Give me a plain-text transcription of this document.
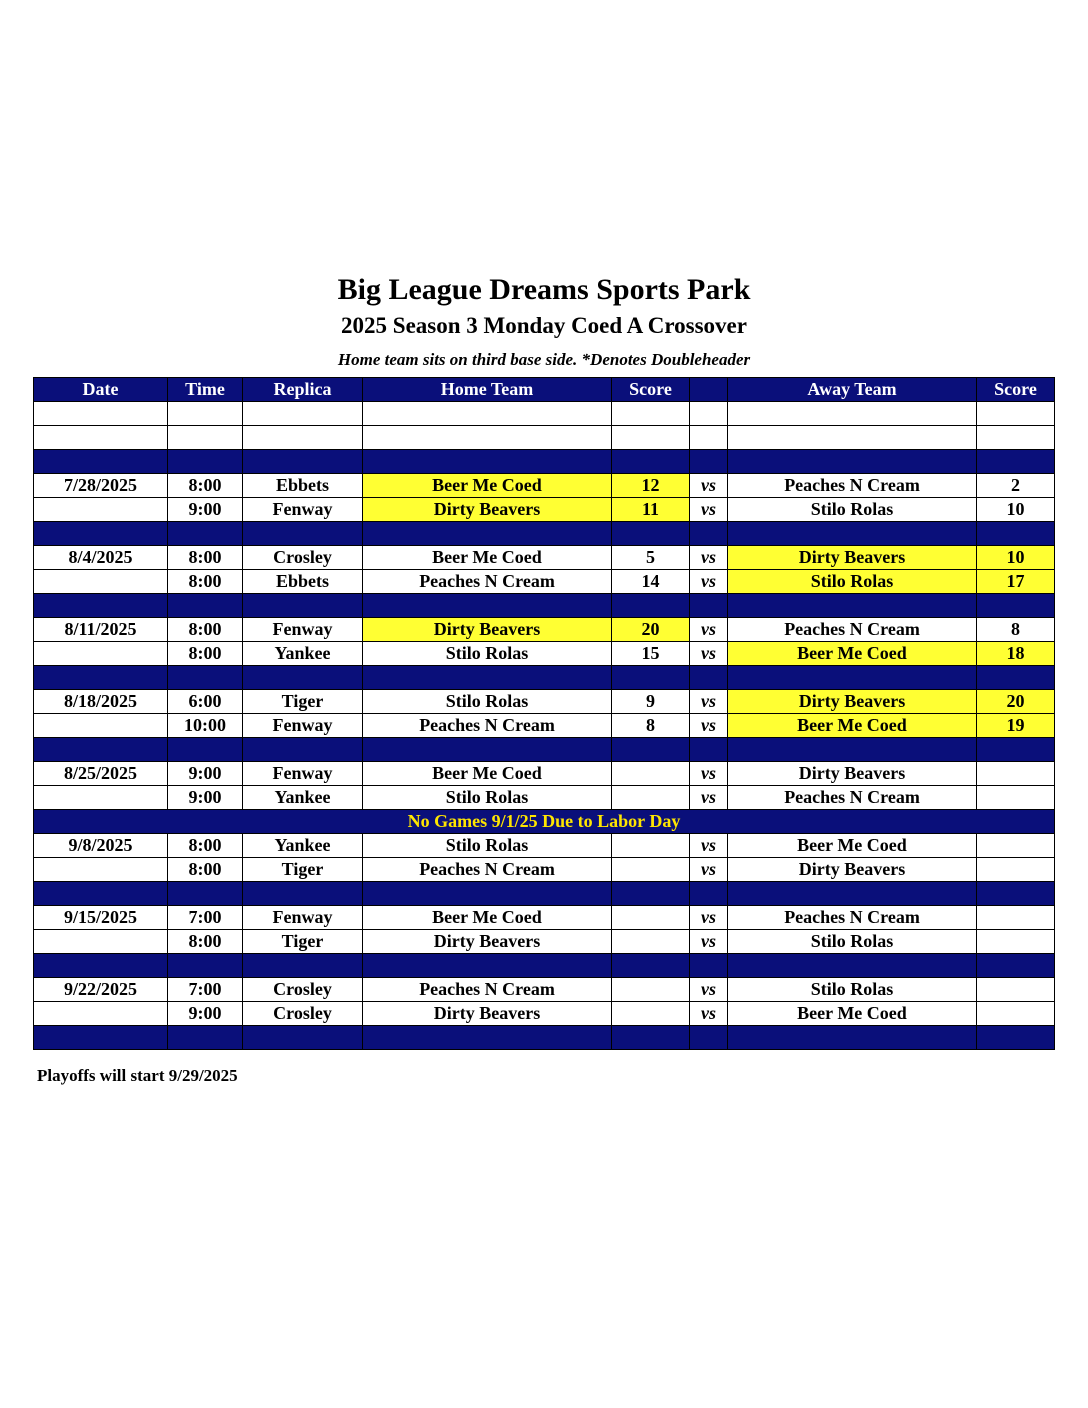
Big League Dreams Sports Park
2025 Season 3 Monday Coed A Crossover
Home team sits on third base side. *Denotes Doubleheader
Date	Time	Replica	Home Team	Score		Away Team	Score

7/28/2025	8:00	Ebbets	Beer Me Coed	12	vs	Peaches N Cream	2
	9:00	Fenway	Dirty Beavers	11	vs	Stilo Rolas	10

8/4/2025	8:00	Crosley	Beer Me Coed	5	vs	Dirty Beavers	10
	8:00	Ebbets	Peaches N Cream	14	vs	Stilo Rolas	17

8/11/2025	8:00	Fenway	Dirty Beavers	20	vs	Peaches N Cream	8
	8:00	Yankee	Stilo Rolas	15	vs	Beer Me Coed	18

8/18/2025	6:00	Tiger	Stilo Rolas	9	vs	Dirty Beavers	20
	10:00	Fenway	Peaches N Cream	8	vs	Beer Me Coed	19

8/25/2025	9:00	Fenway	Beer Me Coed		vs	Dirty Beavers	
	9:00	Yankee	Stilo Rolas		vs	Peaches N Cream	
No Games 9/1/25 Due to Labor Day							
9/8/2025	8:00	Yankee	Stilo Rolas		vs	Beer Me Coed	
	8:00	Tiger	Peaches N Cream		vs	Dirty Beavers	

9/15/2025	7:00	Fenway	Beer Me Coed		vs	Peaches N Cream	
	8:00	Tiger	Dirty Beavers		vs	Stilo Rolas	

9/22/2025	7:00	Crosley	Peaches N Cream		vs	Stilo Rolas	
	9:00	Crosley	Dirty Beavers		vs	Beer Me Coed	

Playoffs will start 9/29/2025
